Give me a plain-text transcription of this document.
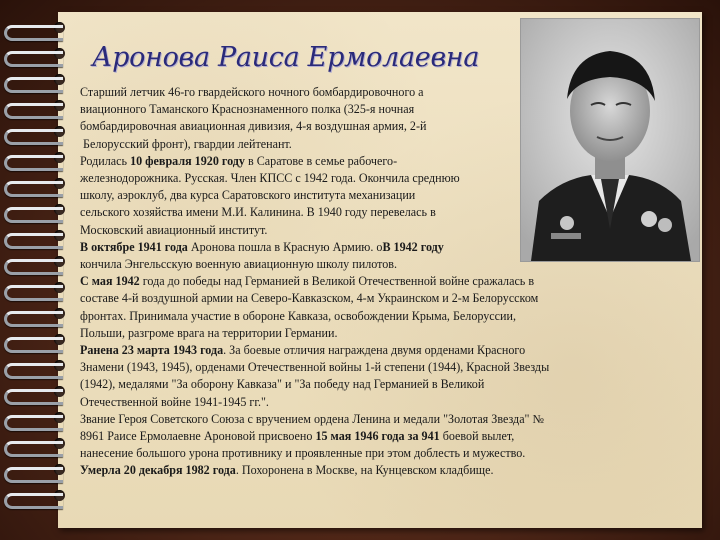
Аронова Раиса Ермолаевна

Старший летчик 46-го гвардейского ночного бомбардировочного а

виационного Таманского Краснознаменного полка (325-я ночная

бомбардировочная авиационная дивизия, 4-я воздушная армия, 2-й

Белорусский фронт), гвардии лейтенант.

Родилась 10 февраля 1920 году в Саратове в семье рабочего-

железнодорожника. Русская. Член КПСС с 1942 года. Окончила среднюю

школу, аэроклуб, два курса Саратовского института механизации

сельского хозяйства имени М.И. Калинина. В 1940 году перевелась в

Московский авиационный институт.

В октябре 1941 года Аронова пошла в Красную Армию. оВ 1942 году

кончила Энгельсскую военную авиационную школу пилотов.

С мая 1942 года до победы над Германией в Великой Отечественной войне сражалась в

составе 4-й воздушной армии на Северо-Кавказском, 4-м Украинском и 2-м Белорусском

фронтах. Принимала участие в обороне Кавказа, освобождении Крыма, Белоруссии,

Польши, разгроме врага на территории Германии.

Ранена 23 марта 1943 года. За боевые отличия награждена двумя орденами Красного

Знамени (1943, 1945), орденами Отечественной войны 1-й степени (1944), Красной Звезды

(1942), медалями "За оборону Кавказа" и "За победу над Германией в Великой

Отечественной войне 1941-1945 гг.".

Звание Героя Советского Союза с вручением ордена Ленина и медали "Золотая Звезда" №

8961 Раисе Ермолаевне Ароновой присвоено 15 мая 1946 года за 941 боевой вылет,

нанесение большого урона противнику и проявленные при этом доблесть и мужество.

Умерла 20 декабря 1982 года. Похоронена в Москве, на Кунцевском кладбище.
